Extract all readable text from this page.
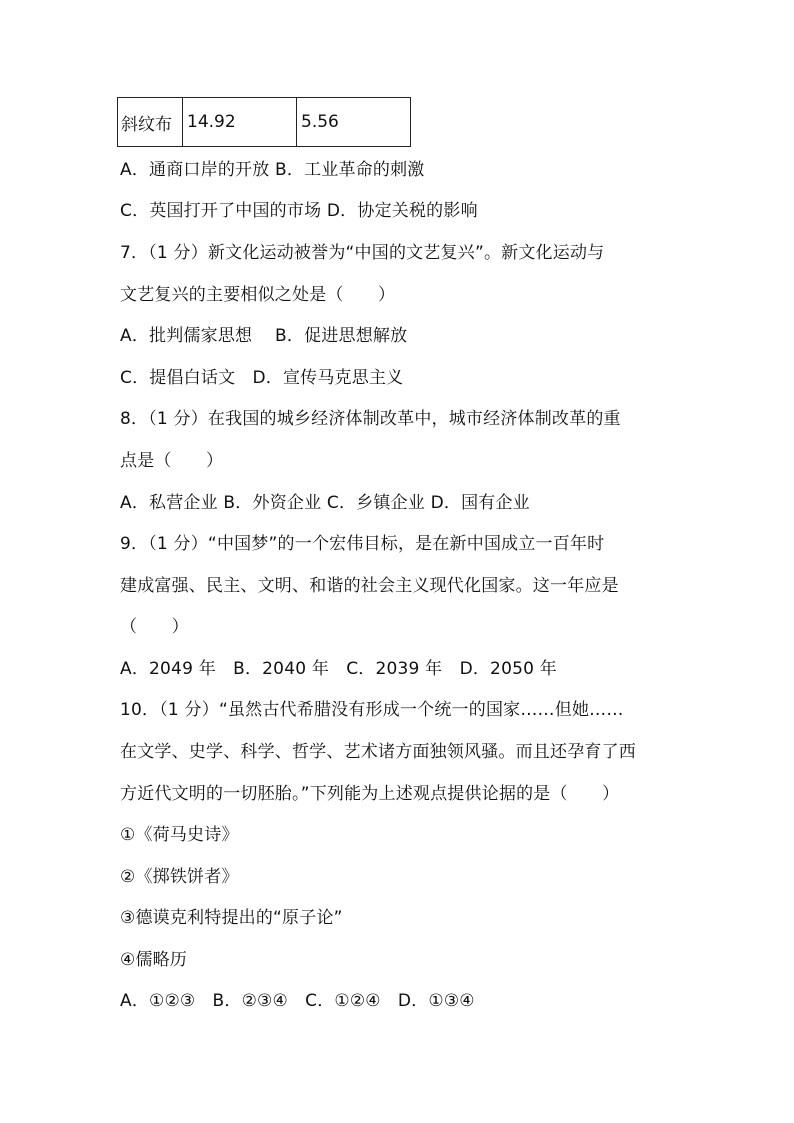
斜纹布	14.92	5.56
A．通商口岸的开放 B．工业革命的刺激
C．英国打开了中国的市场 D．协定关税的影响
7．（1 分）新文化运动被誉为“中国的文艺复兴”。新文化运动与
文艺复兴的主要相似之处是（　　）
A．批判儒家思想　 B．促进思想解放
C．提倡白话文　D．宣传马克思主义
8．（1 分）在我国的城乡经济体制改革中，城市经济体制改革的重
点是（　　）
A．私营企业 B．外资企业 C．乡镇企业 D．国有企业
9．（1 分）“中国梦”的一个宏伟目标，是在新中国成立一百年时
建成富强、民主、文明、和谐的社会主义现代化国家。这一年应是
（　　）
A．2049 年　B．2040 年　C．2039 年　D．2050 年
10．（1 分）“虽然古代希腊没有形成一个统一的国家……但她……
在文学、史学、科学、哲学、艺术诸方面独领风骚。而且还孕育了西
方近代文明的一切胚胎。”下列能为上述观点提供论据的是（　　）
①《荷马史诗》
②《掷铁饼者》
③德谟克利特提出的“原子论”
④儒略历
A．①②③　B．②③④　C．①②④　D．①③④
